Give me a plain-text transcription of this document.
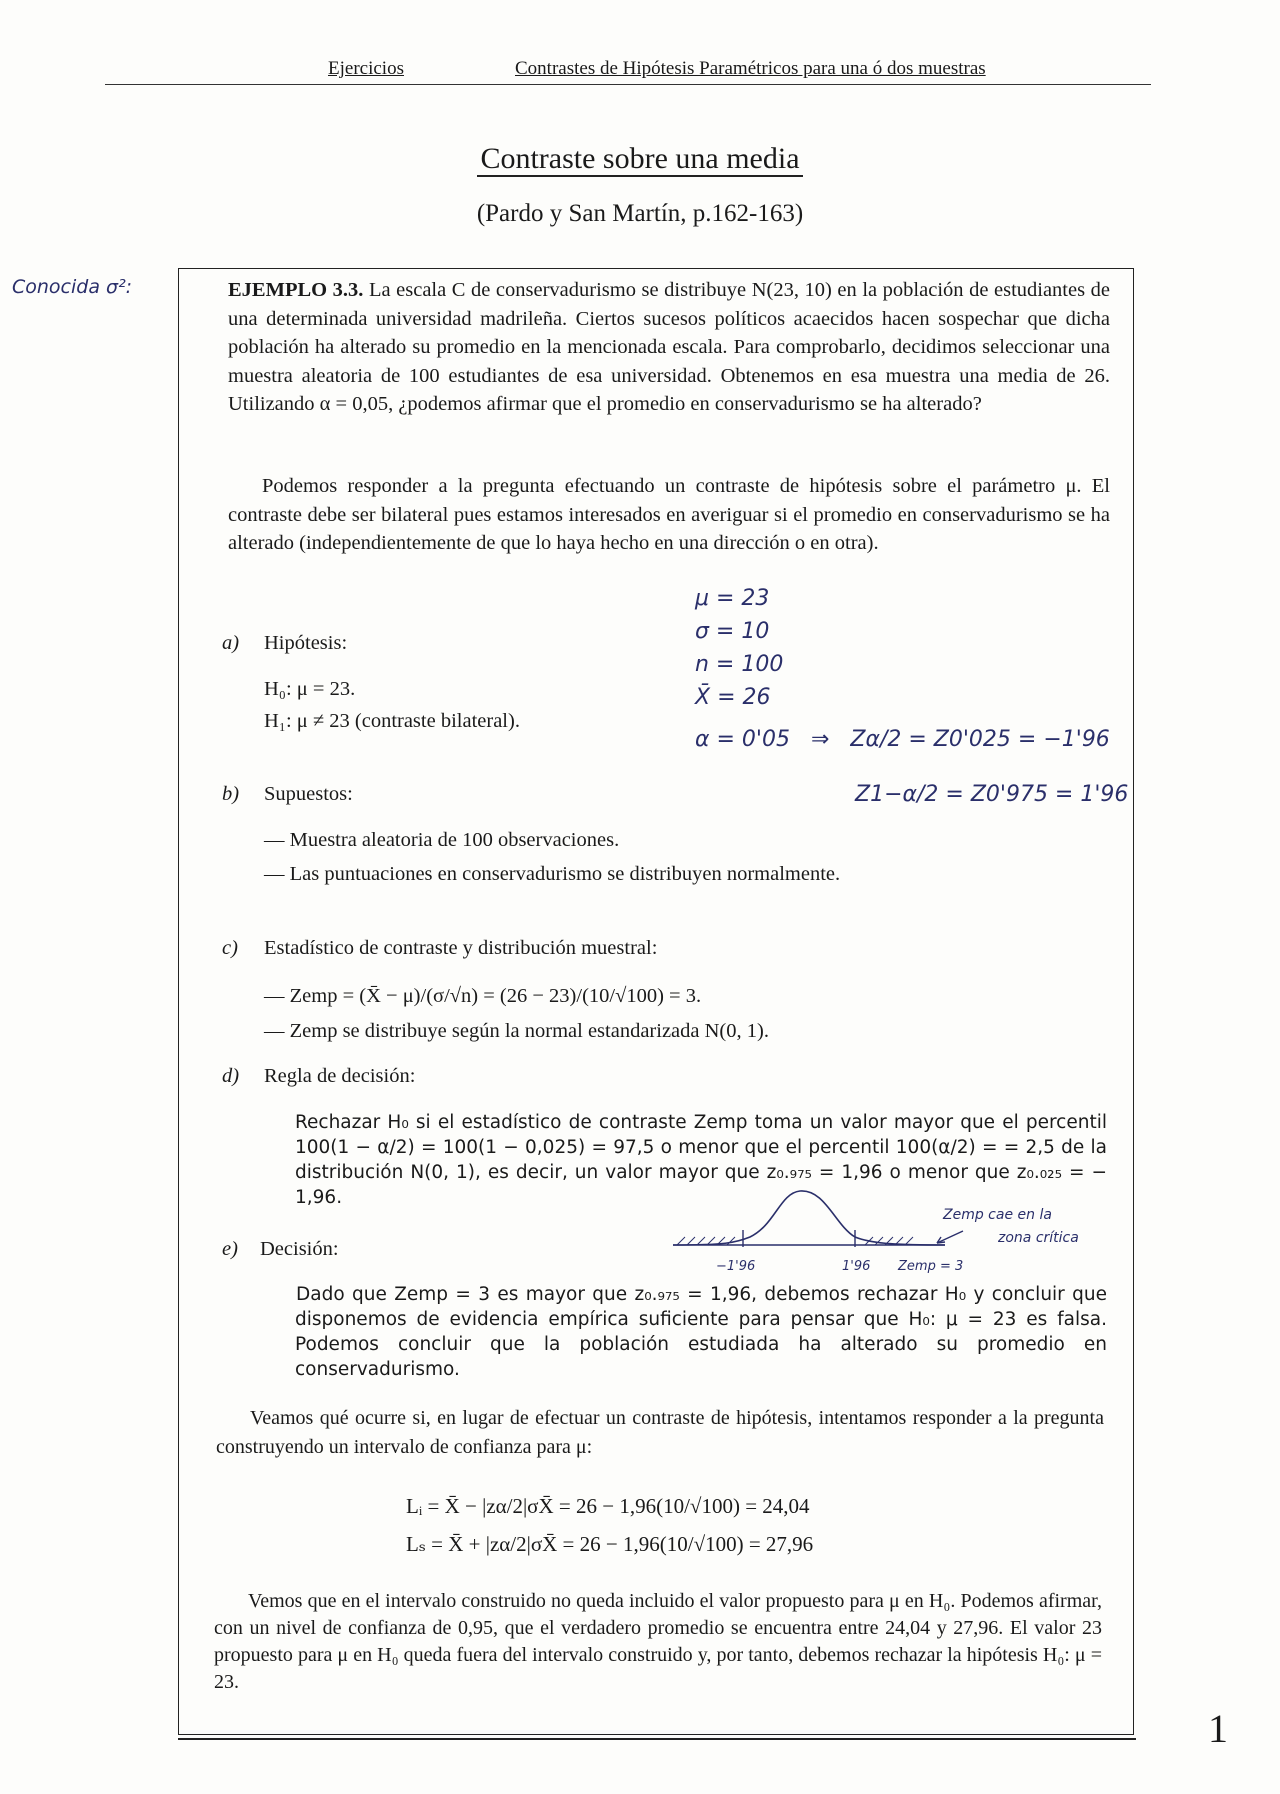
Ejercicios	Contrastes de Hipótesis Paramétricos para una ó dos muestras
Contraste sobre una media
(Pardo y San Martín, p.162-163)
Conocida σ²:	EJEMPLO 3.3. La escala C de conservadurismo se distribuye N(23, 10) en la población de estudiantes de una determinada universidad madrileña. Ciertos sucesos políticos acaecidos hacen sospechar que dicha población ha alterado su promedio en la mencionada escala. Para comprobarlo, decidimos seleccionar una muestra aleatoria de 100 estudiantes de esa universidad. Obtenemos en esa muestra una media de 26. Utilizando α = 0,05, ¿podemos afirmar que el promedio en conservadurismo se ha alterado?
Podemos responder a la pregunta efectuando un contraste de hipótesis sobre el parámetro μ. El contraste debe ser bilateral pues estamos interesados en averiguar si el promedio en conservadurismo se ha alterado (independientemente de que lo haya hecho en una dirección o en otra).
a) Hipótesis:
H₀: μ = 23.
H₁: μ ≠ 23 (contraste bilateral).
μ = 23
σ = 10
n = 100
X̄ = 26
α = 0'05 ⇒ Zα/2 = Z0'025 = −1'96
Z1−α/2 = Z0'975 = 1'96
b) Supuestos:
— Muestra aleatoria de 100 observaciones.
— Las puntuaciones en conservadurismo se distribuyen normalmente.
c) Estadístico de contraste y distribución muestral:
— Zemp = (X̄ − μ)/(σ/√n) = (26 − 23)/(10/√100) = 3.
— Zemp se distribuye según la normal estandarizada N(0, 1).
d) Regla de decisión:
Rechazar H₀ si el estadístico de contraste Zemp toma un valor mayor que el percentil 100(1 − α/2) = 100(1 − 0,025) = 97,5 o menor que el percentil 100(α/2) = = 2,5 de la distribución N(0, 1), es decir, un valor mayor que z₀.₉₇₅ = 1,96 o menor que z₀.₀₂₅ = − 1,96.
e) Decisión:
Zemp cae en la
zona crítica
−1'96	1'96 Zemp = 3
Dado que Zemp = 3 es mayor que z₀.₉₇₅ = 1,96, debemos rechazar H₀ y concluir que disponemos de evidencia empírica suficiente para pensar que H₀: μ = 23 es falsa. Podemos concluir que la población estudiada ha alterado su promedio en conservadurismo.
Veamos qué ocurre si, en lugar de efectuar un contraste de hipótesis, intentamos responder a la pregunta construyendo un intervalo de confianza para μ:
Lᵢ = X̄ − |zα/2|σX̄ = 26 − 1,96(10/√100) = 24,04
Lₛ = X̄ + |zα/2|σX̄ = 26 − 1,96(10/√100) = 27,96
Vemos que en el intervalo construido no queda incluido el valor propuesto para μ en H₀. Podemos afirmar, con un nivel de confianza de 0,95, que el verdadero promedio se encuentra entre 24,04 y 27,96. El valor 23 propuesto para μ en H₀ queda fuera del intervalo construido y, por tanto, debemos rechazar la hipótesis H₀: μ = 23.
1
